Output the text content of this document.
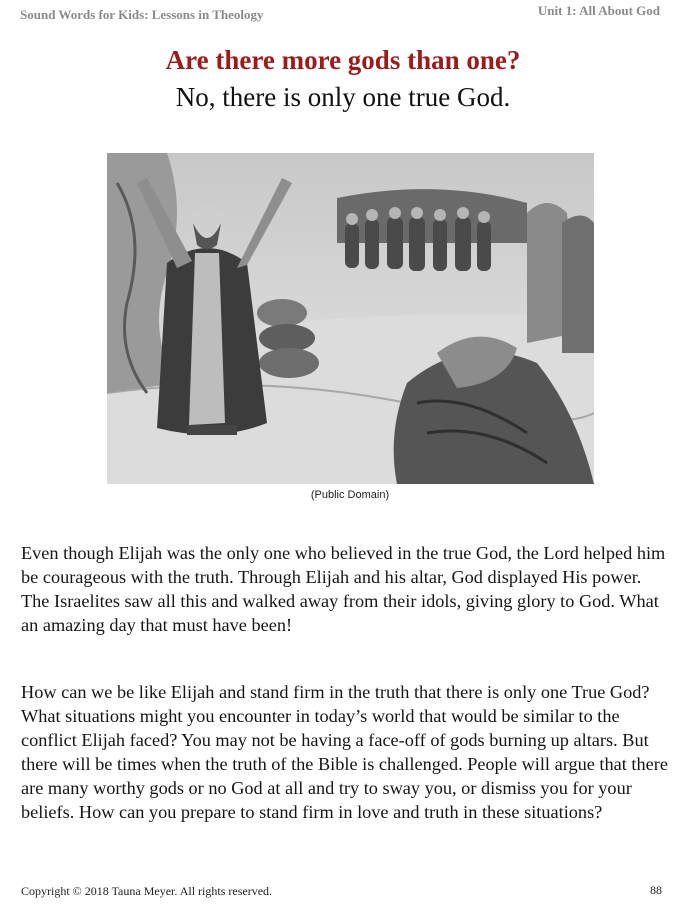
Sound Words for Kids: Lessons in Theology	Unit 1: All About God
Are there more gods than one?
No, there is only one true God.
(Public Domain)

Even though Elijah was the only one who believed in the true God, the Lord helped him be courageous with the truth. Through Elijah and his altar, God displayed His power. The Israelites saw all this and walked away from their idols, giving glory to God. What an amazing day that must have been!

How can we be like Elijah and stand firm in the truth that there is only one True God? What situations might you encounter in today’s world that would be similar to the conflict Elijah faced? You may not be having a face-off of gods burning up altars. But there will be times when the truth of the Bible is challenged. People will argue that there are many worthy gods or no God at all and try to sway you, or dismiss you for your beliefs. How can you prepare to stand firm in love and truth in these situations?

Copyright © 2018 Tauna Meyer. All rights reserved.	88
